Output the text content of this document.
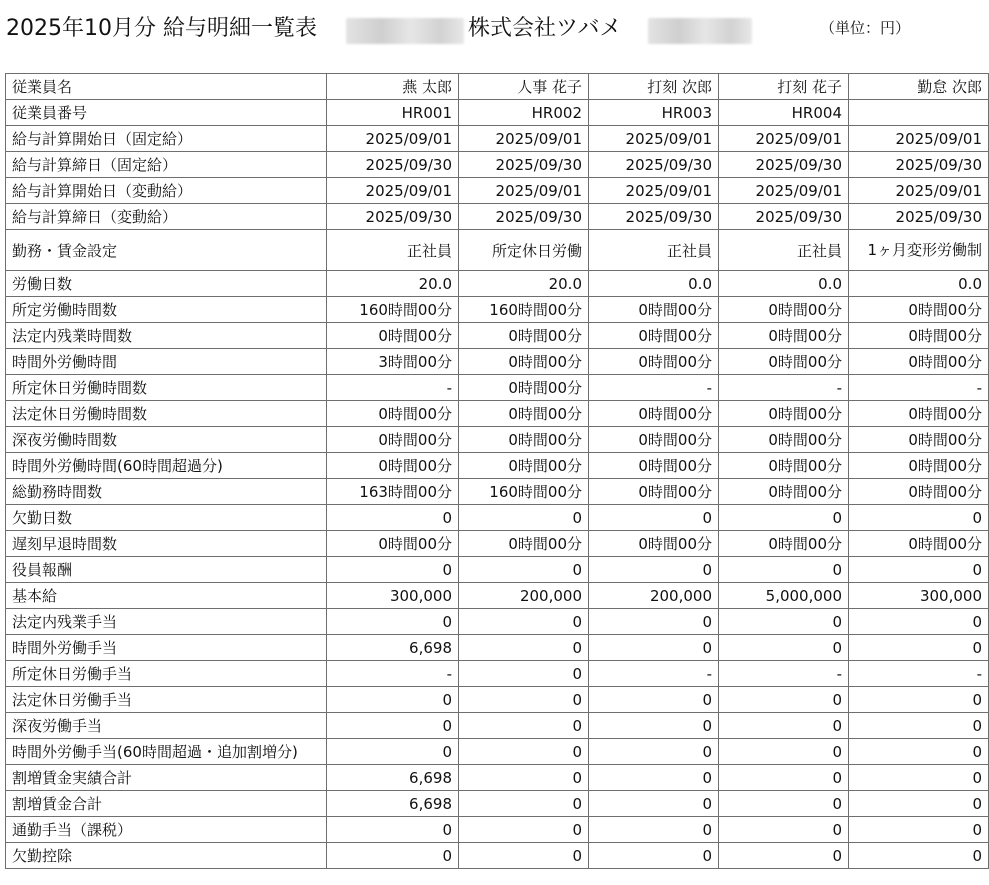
2025年10月分 給与明細一覧表	株式会社ツバメ	（単位：円）
従業員名	燕 太郎	人事 花子	打刻 次郎	打刻 花子	勤怠 次郎
従業員番号	HR001	HR002	HR003	HR004	
給与計算開始日（固定給）	2025/09/01	2025/09/01	2025/09/01	2025/09/01	2025/09/01
給与計算締日（固定給）	2025/09/30	2025/09/30	2025/09/30	2025/09/30	2025/09/30
給与計算開始日（変動給）	2025/09/01	2025/09/01	2025/09/01	2025/09/01	2025/09/01
給与計算締日（変動給）	2025/09/30	2025/09/30	2025/09/30	2025/09/30	2025/09/30
勤務・賃金設定	正社員	所定休日労働	正社員	正社員	1ヶ月変形労働制
労働日数	20.0	20.0	0.0	0.0	0.0
所定労働時間数	160時間00分	160時間00分	0時間00分	0時間00分	0時間00分
法定内残業時間数	0時間00分	0時間00分	0時間00分	0時間00分	0時間00分
時間外労働時間	3時間00分	0時間00分	0時間00分	0時間00分	0時間00分
所定休日労働時間数	-	0時間00分	-	-	-
法定休日労働時間数	0時間00分	0時間00分	0時間00分	0時間00分	0時間00分
深夜労働時間数	0時間00分	0時間00分	0時間00分	0時間00分	0時間00分
時間外労働時間(60時間超過分)	0時間00分	0時間00分	0時間00分	0時間00分	0時間00分
総勤務時間数	163時間00分	160時間00分	0時間00分	0時間00分	0時間00分
欠勤日数	0	0	0	0	0
遅刻早退時間数	0時間00分	0時間00分	0時間00分	0時間00分	0時間00分
役員報酬	0	0	0	0	0
基本給	300,000	200,000	200,000	5,000,000	300,000
法定内残業手当	0	0	0	0	0
時間外労働手当	6,698	0	0	0	0
所定休日労働手当	-	0	-	-	-
法定休日労働手当	0	0	0	0	0
深夜労働手当	0	0	0	0	0
時間外労働手当(60時間超過・追加割増分)	0	0	0	0	0
割増賃金実績合計	6,698	0	0	0	0
割増賃金合計	6,698	0	0	0	0
通勤手当（課税）	0	0	0	0	0
欠勤控除	0	0	0	0	0
